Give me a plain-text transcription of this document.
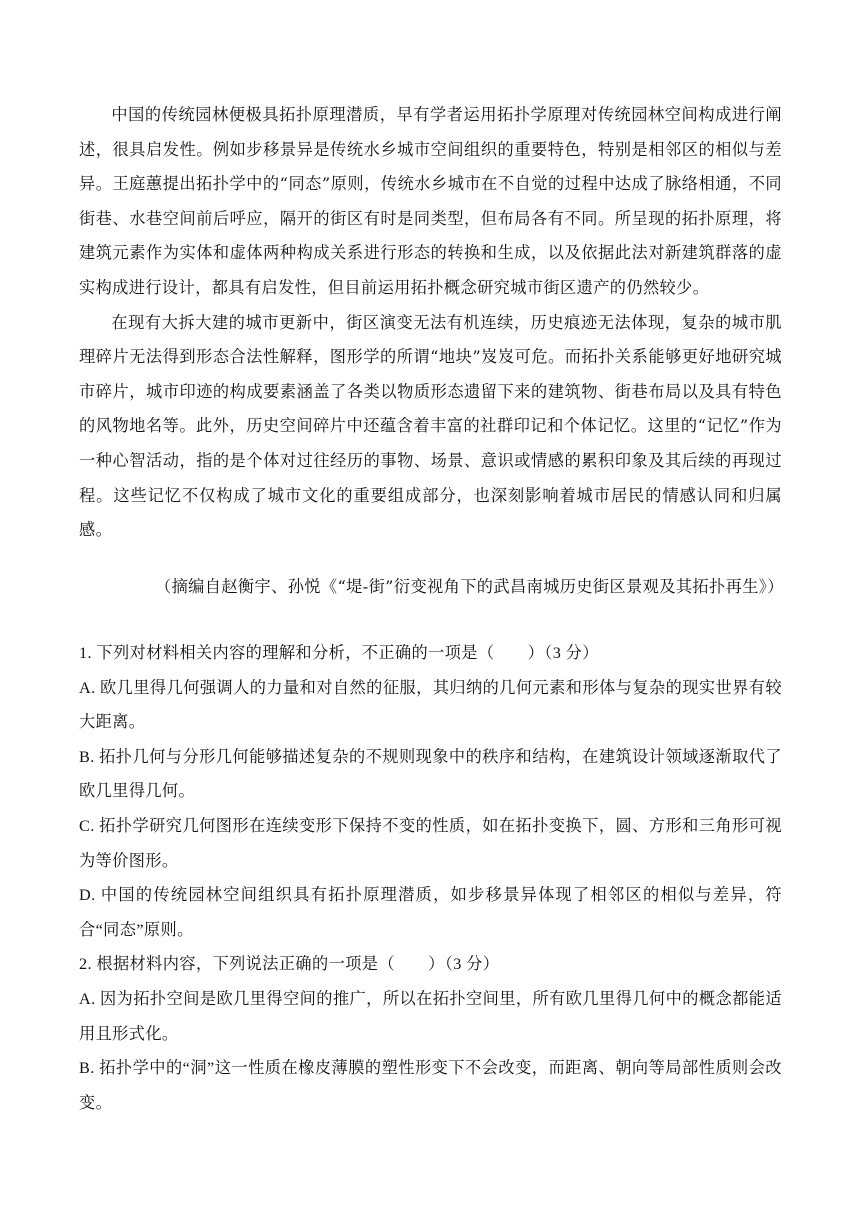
中国的传统园林便极具拓扑原理潜质，早有学者运用拓扑学原理对传统园林空间构成进行阐述，很具启发性。例如步移景异是传统水乡城市空间组织的重要特色，特别是相邻区的相似与差异。王庭蕙提出拓扑学中的“同态”原则，传统水乡城市在不自觉的过程中达成了脉络相通，不同街巷、水巷空间前后呼应，隔开的街区有时是同类型，但布局各有不同。所呈现的拓扑原理，将建筑元素作为实体和虚体两种构成关系进行形态的转换和生成，以及依据此法对新建筑群落的虚实构成进行设计，都具有启发性，但目前运用拓扑概念研究城市街区遗产的仍然较少。

在现有大拆大建的城市更新中，街区演变无法有机连续，历史痕迹无法体现，复杂的城市肌理碎片无法得到形态合法性解释，图形学的所谓“地块”岌岌可危。而拓扑关系能够更好地研究城市碎片，城市印迹的构成要素涵盖了各类以物质形态遗留下来的建筑物、街巷布局以及具有特色的风物地名等。此外，历史空间碎片中还蕴含着丰富的社群印记和个体记忆。这里的“记忆”作为一种心智活动，指的是个体对过往经历的事物、场景、意识或情感的累积印象及其后续的再现过程。这些记忆不仅构成了城市文化的重要组成部分，也深刻影响着城市居民的情感认同和归属感。

（摘编自赵衡宇、孙悦《“堤-街”衍变视角下的武昌南城历史街区景观及其拓扑再生》）

1. 下列对材料相关内容的理解和分析，不正确的一项是（　　）（3 分）

A. 欧几里得几何强调人的力量和对自然的征服，其归纳的几何元素和形体与复杂的现实世界有较大距离。

B. 拓扑几何与分形几何能够描述复杂的不规则现象中的秩序和结构，在建筑设计领域逐渐取代了欧几里得几何。

C. 拓扑学研究几何图形在连续变形下保持不变的性质，如在拓扑变换下，圆、方形和三角形可视为等价图形。

D. 中国的传统园林空间组织具有拓扑原理潜质，如步移景异体现了相邻区的相似与差异，符合“同态”原则。

2. 根据材料内容，下列说法正确的一项是（　　）（3 分）

A. 因为拓扑空间是欧几里得空间的推广，所以在拓扑空间里，所有欧几里得几何中的概念都能适用且形式化。

B. 拓扑学中的“洞”这一性质在橡皮薄膜的塑性形变下不会改变，而距离、朝向等局部性质则会改变。
